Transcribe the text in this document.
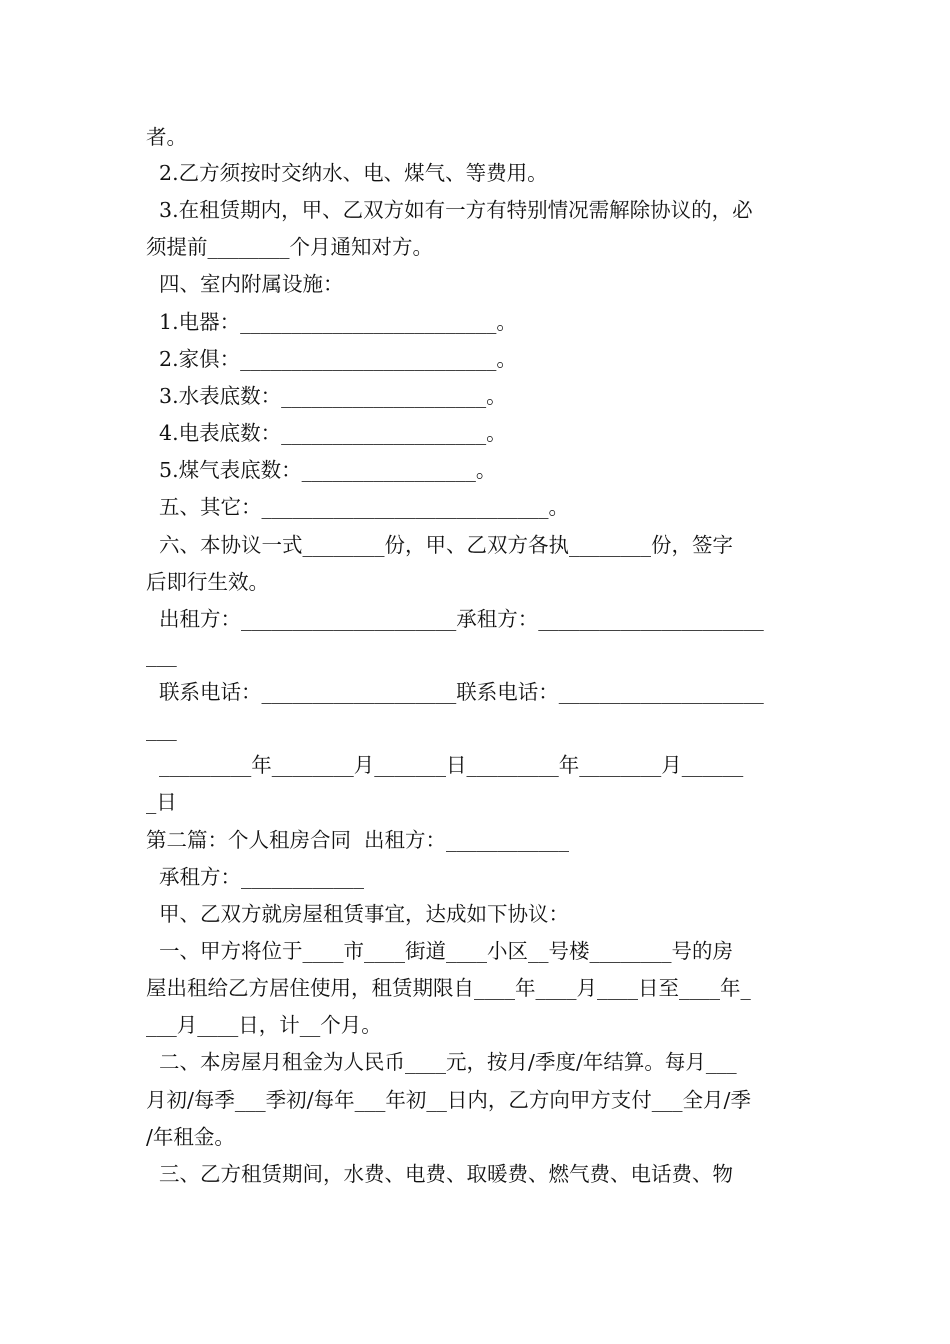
者。
2.乙方须按时交纳水、电、煤气、等费用。
3.在租赁期内，甲、乙双方如有一方有特别情况需解除协议的，必
须提前________个月通知对方。
四、室内附属设施：
1.电器：_________________________。
2.家俱：_________________________。
3.水表底数：____________________。
4.电表底数：____________________。
5.煤气表底数：_________________。
五、其它：____________________________。
六、本协议一式________份，甲、乙双方各执________份，签字
后即行生效。
出租方：_____________________承租方：______________________
___
联系电话：___________________联系电话：____________________
___
_________年________月_______日_________年________月______
_日
第二篇：个人租房合同  出租方：____________
承租方：____________
甲、乙双方就房屋租赁事宜，达成如下协议：
一、甲方将位于____市____街道____小区__号楼________号的房
屋出租给乙方居住使用，租赁期限自____年____月____日至____年_
___月____日，计__个月。
二、本房屋月租金为人民币____元，按月/季度/年结算。每月___
月初/每季___季初/每年___年初__日内，乙方向甲方支付___全月/季
/年租金。
三、乙方租赁期间，水费、电费、取暖费、燃气费、电话费、物
